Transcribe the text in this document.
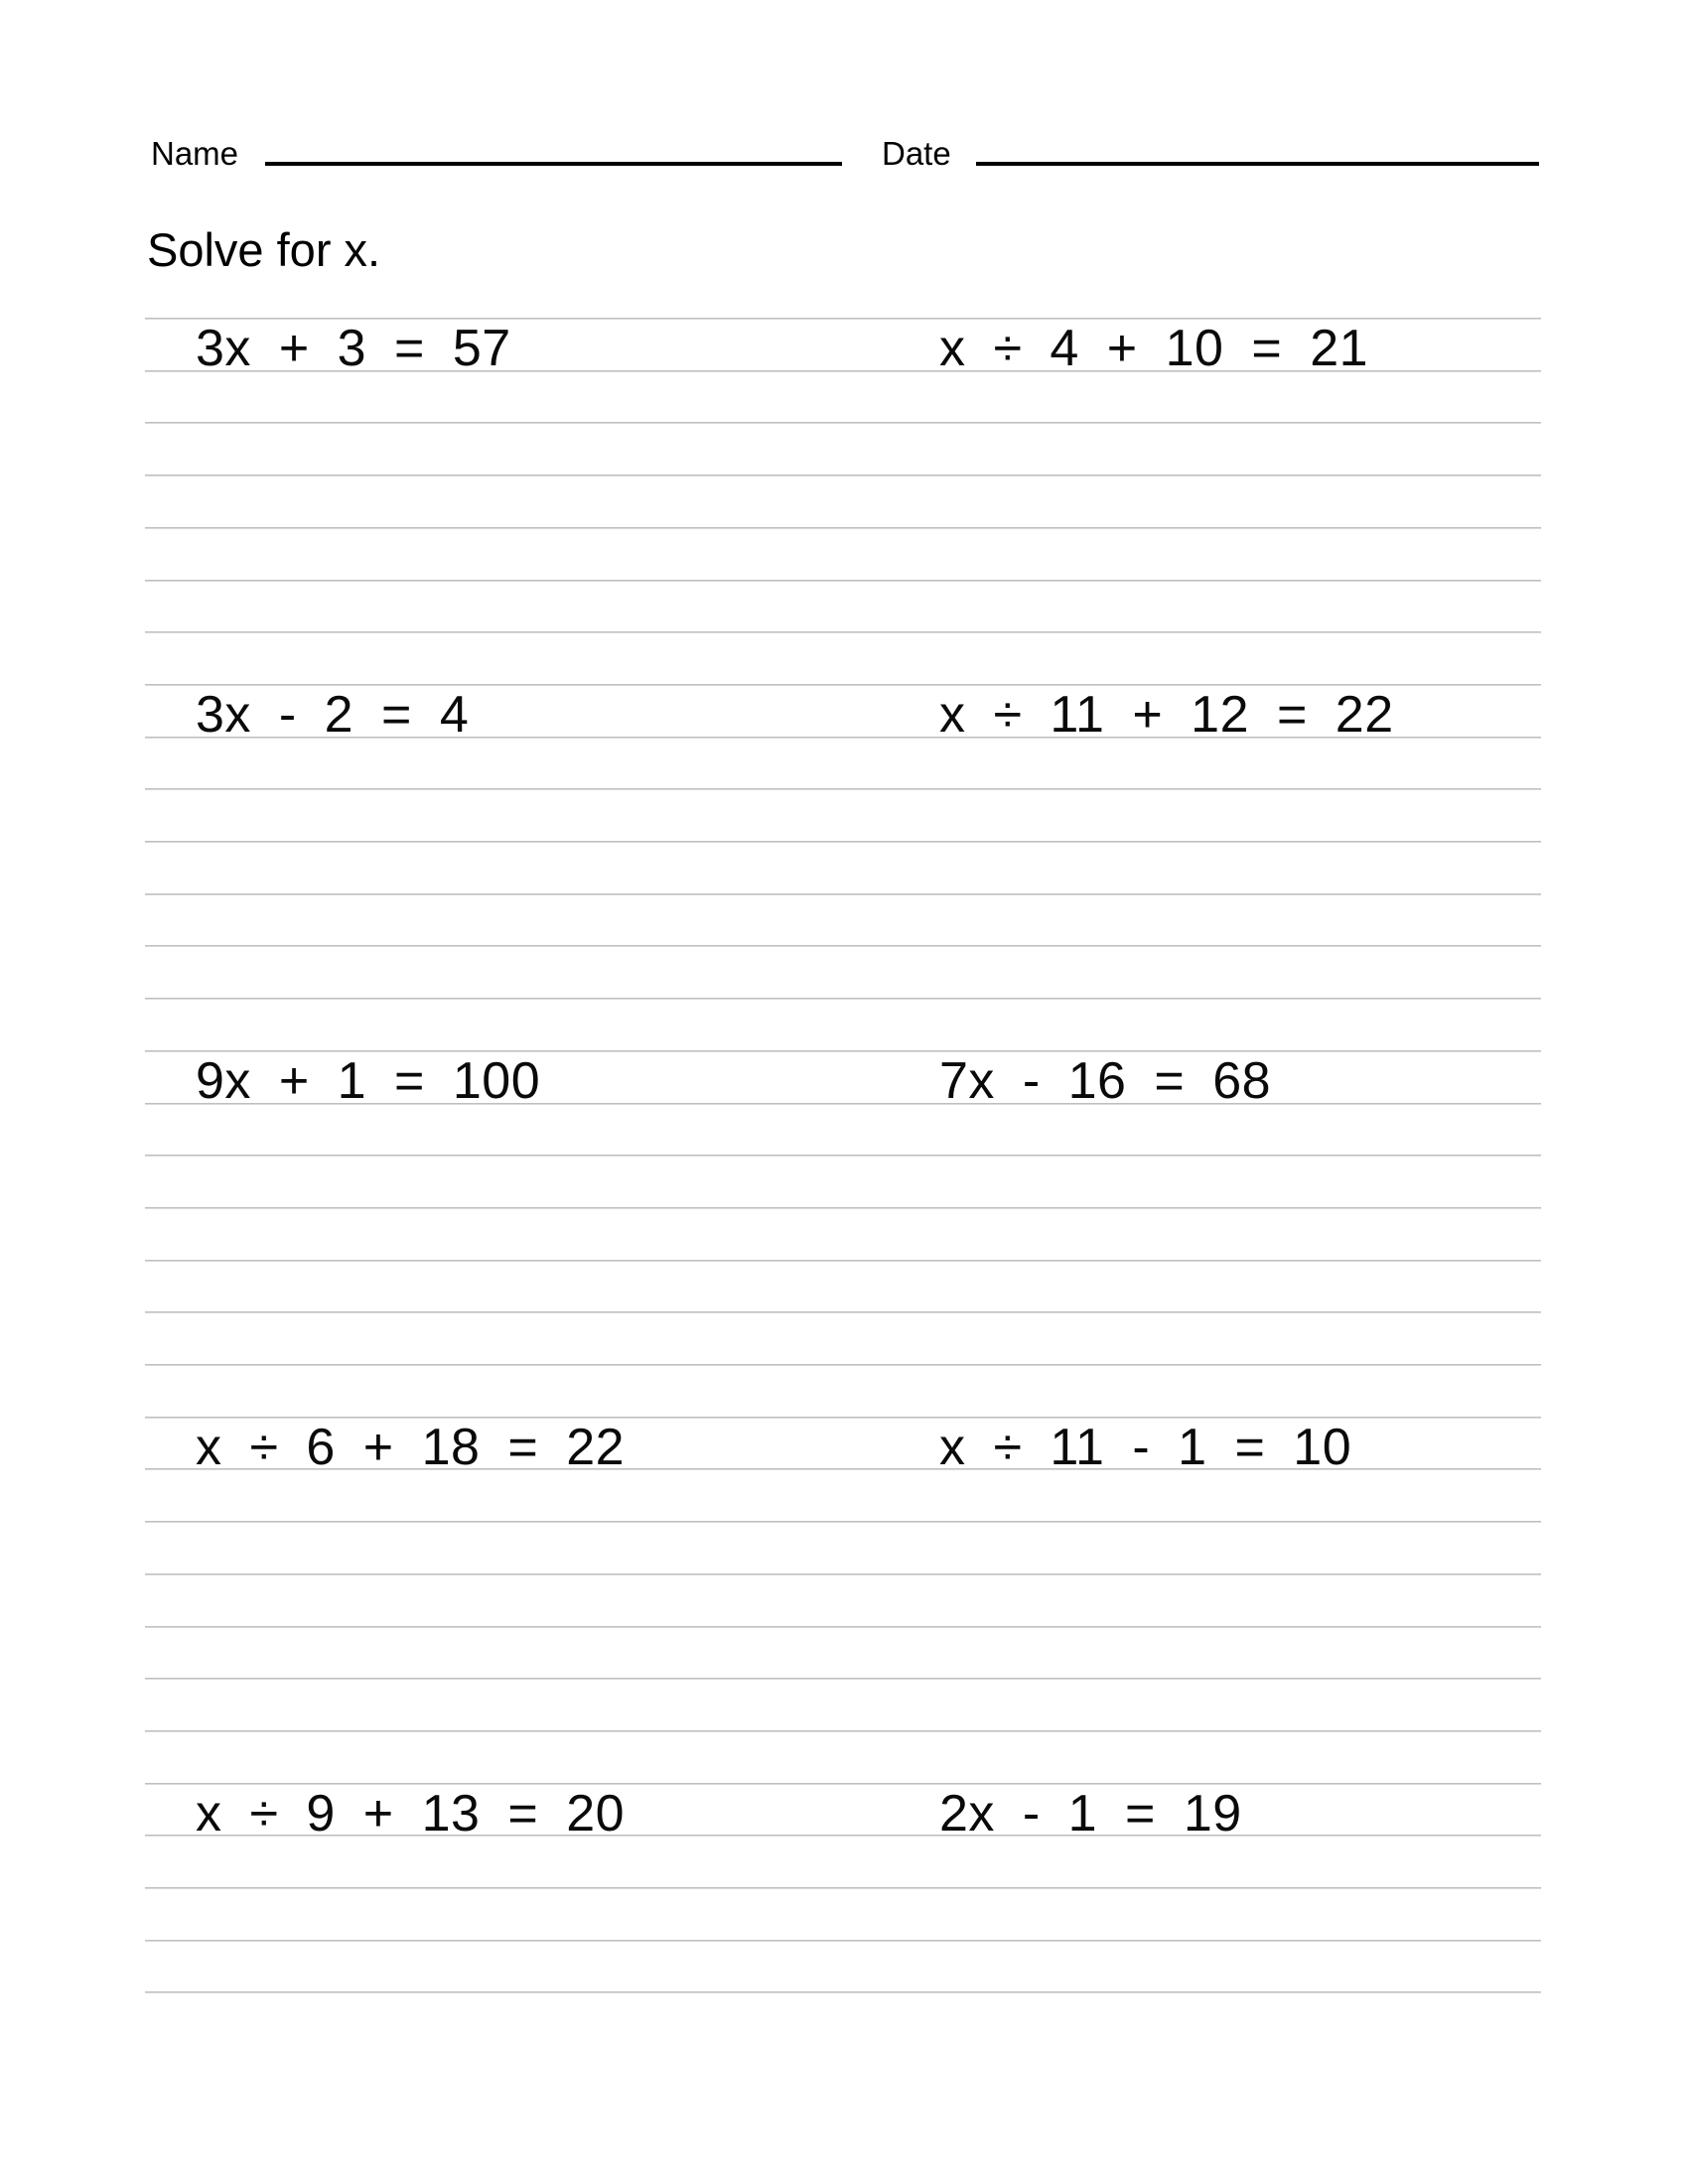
Name	Date
Solve for x.
3x + 3 = 57	x ÷ 4 + 10 = 21
3x - 2 = 4	x ÷ 11 + 12 = 22
9x + 1 = 100	7x - 16 = 68
x ÷ 6 + 18 = 22	x ÷ 11 - 1 = 10
x ÷ 9 + 13 = 20	2x - 1 = 19
